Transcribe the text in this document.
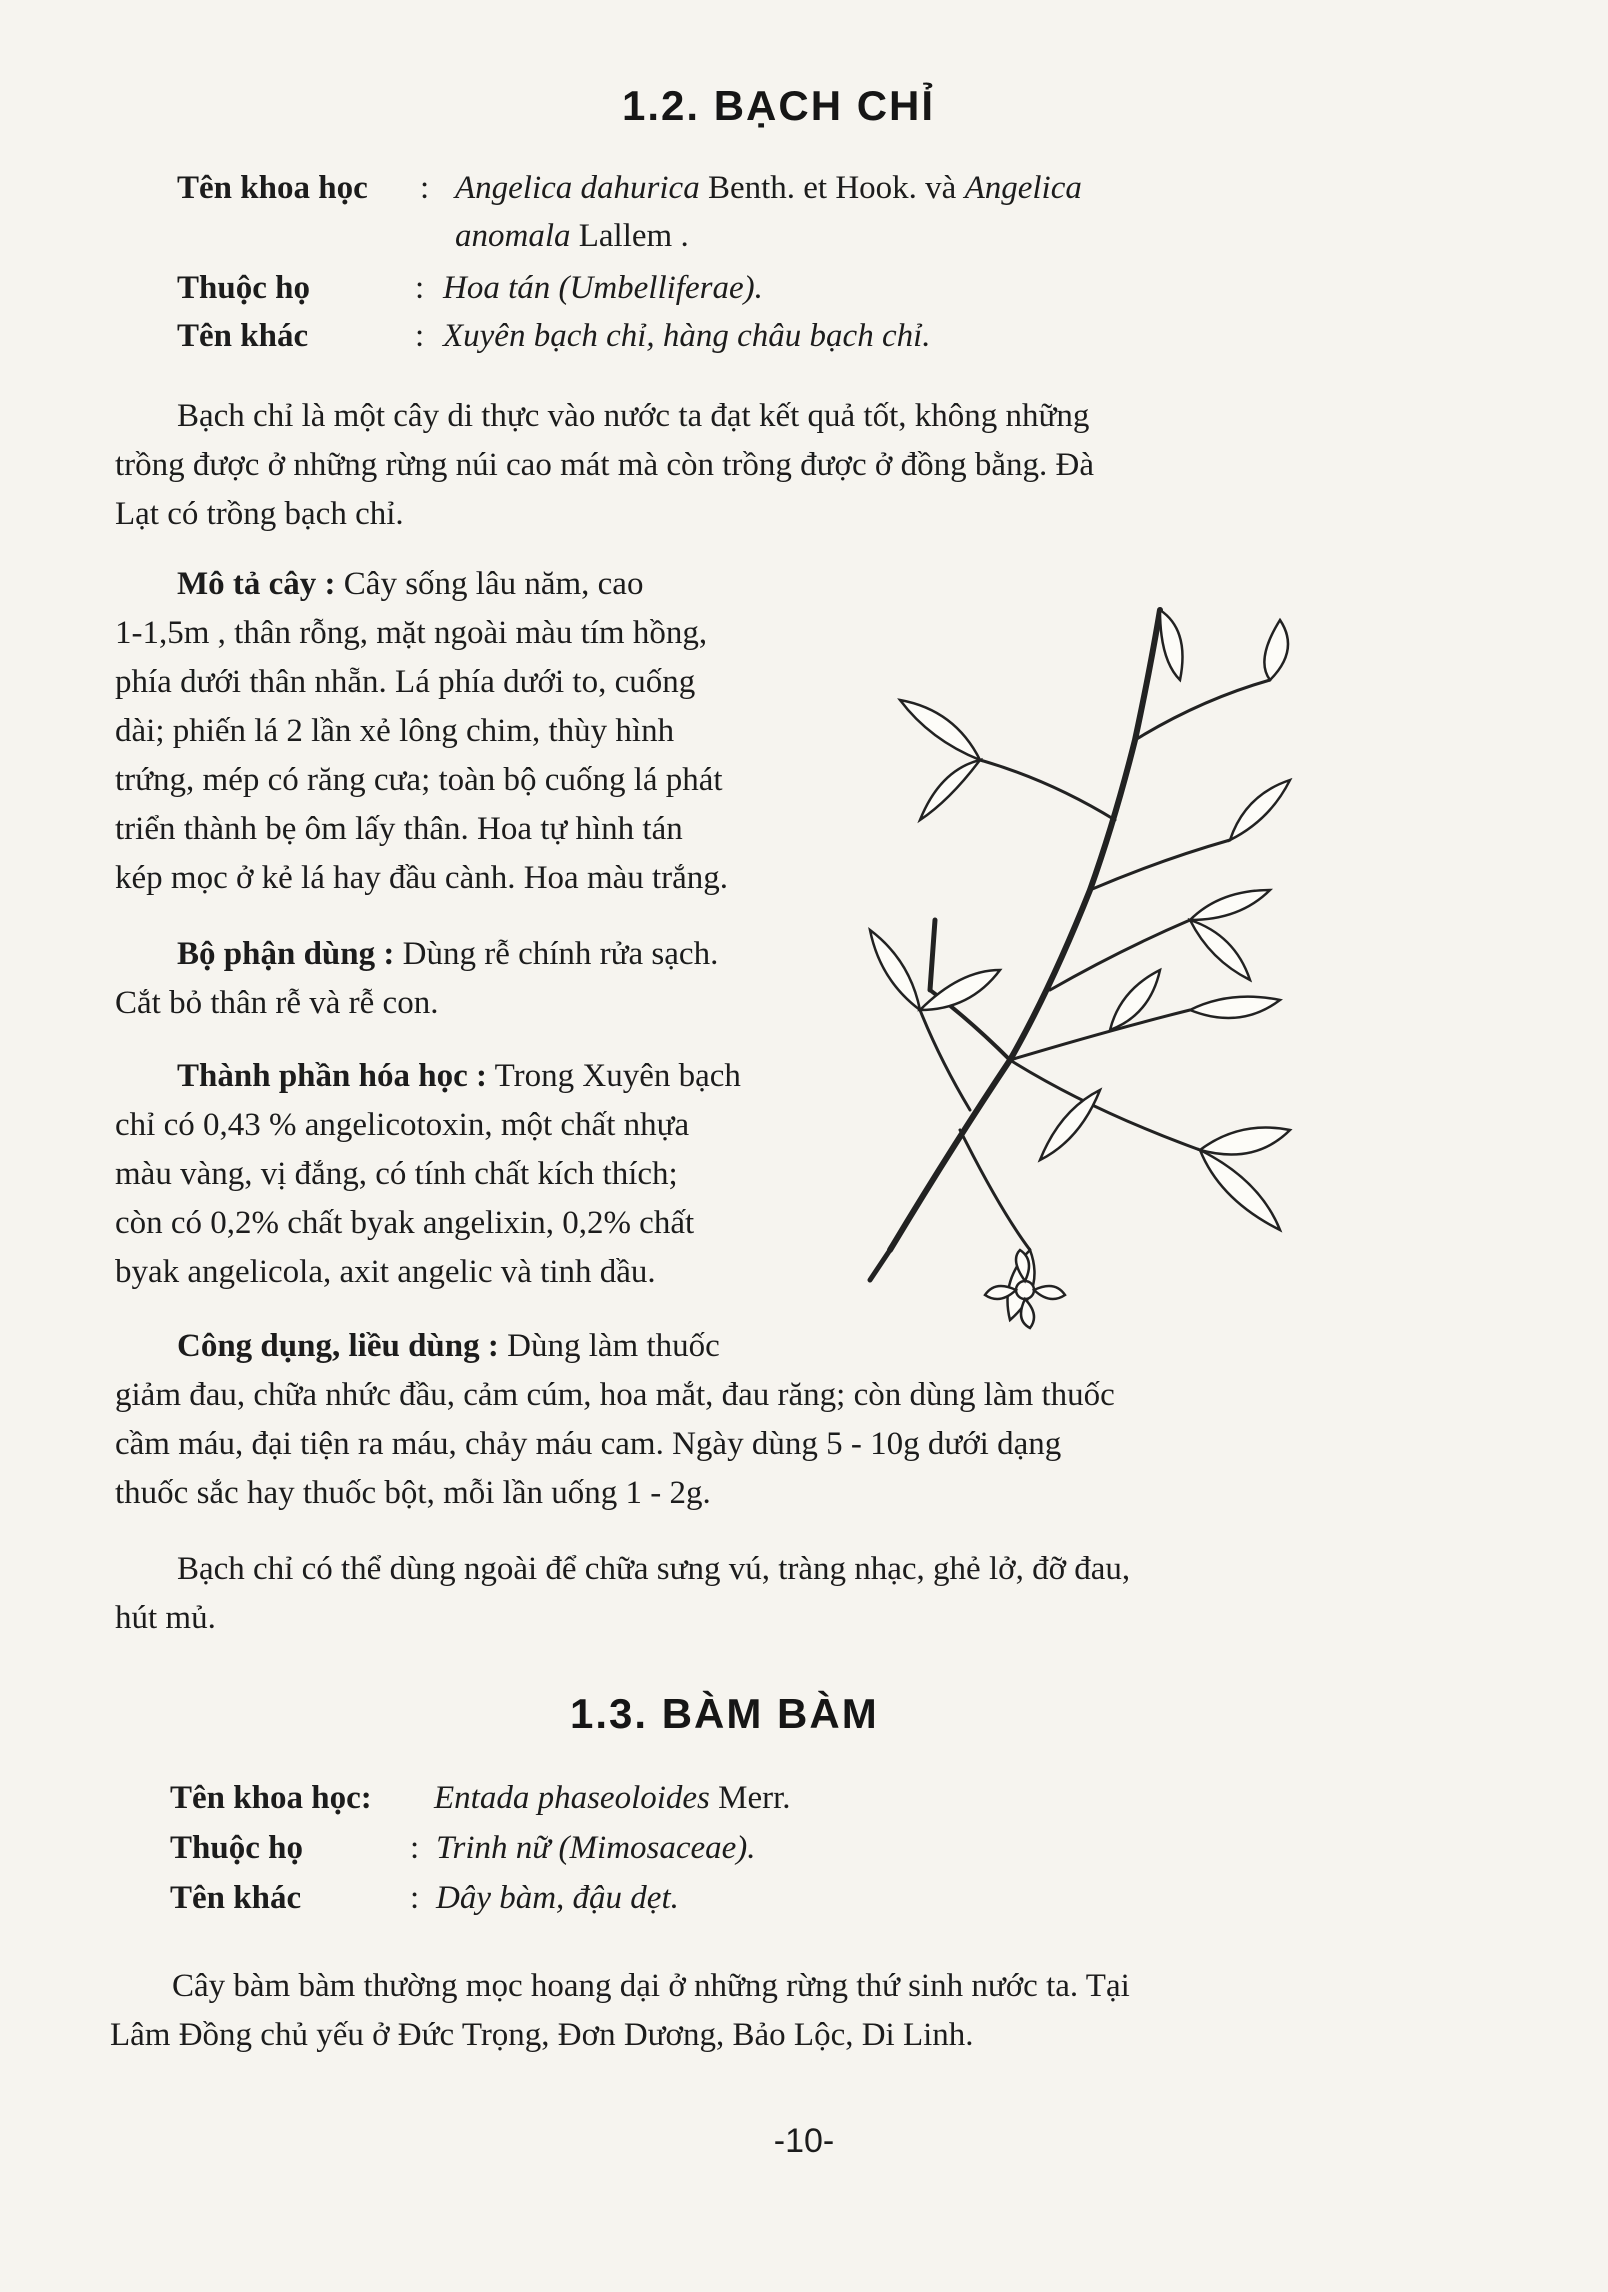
1.2. BẠCH CHỈ
Tên khoa học : Angelica dahurica Benth. et Hook. và Angelica
anomala Lallem .
Thuộc họ	: Hoa tán (Umbelliferae).
Tên khác	: Xuyên bạch chỉ, hàng châu bạch chỉ.
Bạch chỉ là một cây di thực vào nước ta đạt kết quả tốt, không những
trồng được ở những rừng núi cao mát mà còn trồng được ở đồng bằng. Đà
Lạt có trồng bạch chỉ.
Mô tả cây : Cây sống lâu năm, cao
1-1,5m , thân rỗng, mặt ngoài màu tím hồng,
phía dưới thân nhẵn. Lá phía dưới to, cuống
dài; phiến lá 2 lần xẻ lông chim, thùy hình
trứng, mép có răng cưa; toàn bộ cuống lá phát
triển thành bẹ ôm lấy thân. Hoa tự hình tán
kép mọc ở kẻ lá hay đầu cành. Hoa màu trắng.
Bộ phận dùng : Dùng rễ chính rửa sạch.
Cắt bỏ thân rễ và rễ con.
Thành phần hóa học : Trong Xuyên bạch
chỉ có 0,43 % angelicotoxin, một chất nhựa
màu vàng, vị đắng, có tính chất kích thích;
còn có 0,2% chất byak angelixin, 0,2% chất
byak angelicola, axit angelic và tinh dầu.
Công dụng, liều dùng : Dùng làm thuốc
giảm đau, chữa nhức đầu, cảm cúm, hoa mắt, đau răng; còn dùng làm thuốc
cầm máu, đại tiện ra máu, chảy máu cam. Ngày dùng 5 - 10g dưới dạng
thuốc sắc hay thuốc bột, mỗi lần uống 1 - 2g.
Bạch chỉ có thể dùng ngoài để chữa sưng vú, tràng nhạc, ghẻ lở, đỡ đau,
hút mủ.
1.3. BÀM BÀM
Tên khoa học: Entada phaseoloides Merr.
Thuộc họ	: Trinh nữ (Mimosaceae).
Tên khác	: Dây bàm, đậu dẹt.
Cây bàm bàm thường mọc hoang dại ở những rừng thứ sinh nước ta. Tại
Lâm Đồng chủ yếu ở Đức Trọng, Đơn Dương, Bảo Lộc, Di Linh.
-10-
